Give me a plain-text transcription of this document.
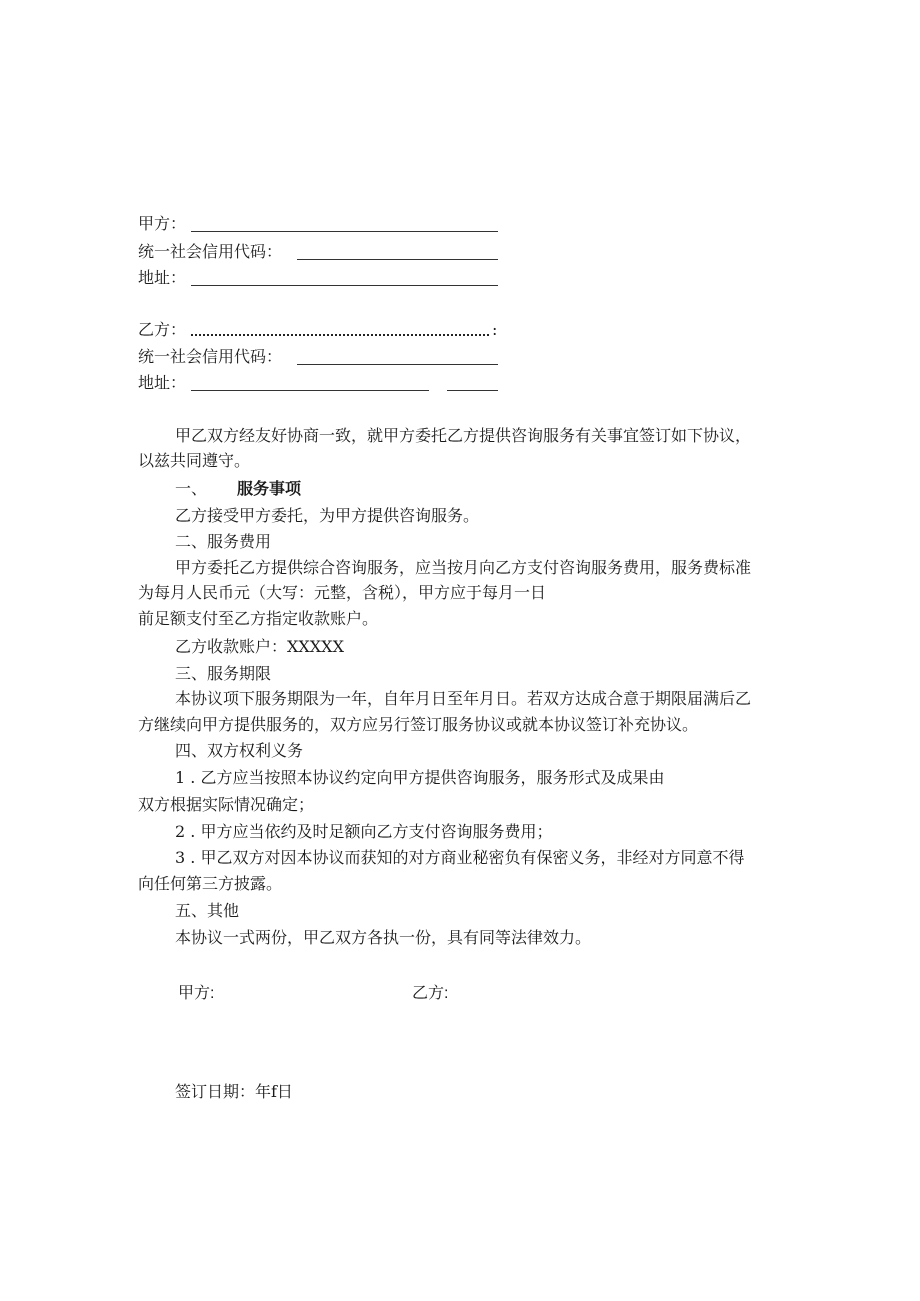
甲方：
统一社会信用代码：
地址：
乙方：	:
统一社会信用代码：
地址：
甲乙双方经友好协商一致，就甲方委托乙方提供咨询服务有关事宜签订如下协议，
以兹共同遵守。
一、 服务事项
乙方接受甲方委托，为甲方提供咨询服务。
二、服务费用
甲方委托乙方提供综合咨询服务，应当按月向乙方支付咨询服务费用，服务费标准
为每月人民币元（大写：元整，含税），甲方应于每月一日
前足额支付至乙方指定收款账户。
乙方收款账户：XXXXX
三、服务期限
本协议项下服务期限为一年，自年月日至年月日。若双方达成合意于期限届满后乙
方继续向甲方提供服务的，双方应另行签订服务协议或就本协议签订补充协议。
四、双方权利义务
1 . 乙方应当按照本协议约定向甲方提供咨询服务，服务形式及成果由
双方根据实际情况确定；
2 . 甲方应当依约及时足额向乙方支付咨询服务费用；
3 . 甲乙双方对因本协议而获知的对方商业秘密负有保密义务，非经对方同意不得
向任何第三方披露。
五、其他
本协议一式两份，甲乙双方各执一份，具有同等法律效力。
甲方:	乙方:
签订日期：年f日
